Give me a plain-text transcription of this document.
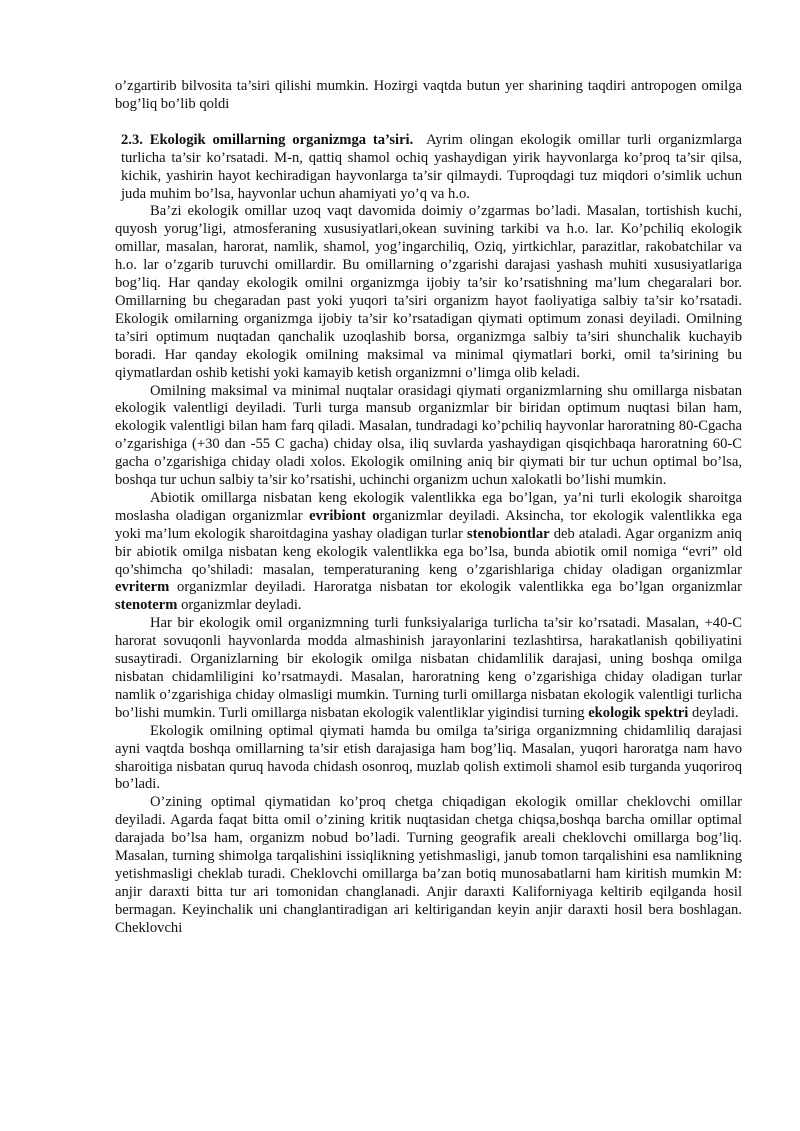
o’zgartirib bilvosita ta’siri qilishi mumkin. Hozirgi vaqtda butun yer sharining taqdiri antropogen omilga bog’liq bo’lib qoldi

2.3. Ekologik omillarning organizmga ta’siri. Ayrim olingan ekologik omillar turli organizmlarga turlicha ta’sir ko’rsatadi. M-n, qattiq shamol ochiq yashaydigan yirik hayvonlarga ko’proq ta’sir qilsa, kichik, yashirin hayot kechiradigan hayvonlarga ta’sir qilmaydi. Tuproqdagi tuz miqdori o’simlik uchun juda muhim bo’lsa, hayvonlar uchun ahamiyati yo’q va h.o.

Ba’zi ekologik omillar uzoq vaqt davomida doimiy o’zgarmas bo’ladi. Masalan, tortishish kuchi, quyosh yorug’ligi, atmosferaning xususiyatlari,okean suvining tarkibi va h.o. lar. Ko’pchiliq ekologik omillar, masalan, harorat, namlik, shamol, yog’ingarchiliq, Oziq, yirtkichlar, parazitlar, rakobatchilar va h.o. lar o’zgarib turuvchi omillardir. Bu omillarning o’zgarishi darajasi yashash muhiti xususiyatlariga bog’liq. Har qanday ekologik omilni organizmga ijobiy ta’sir ko’rsatishning ma’lum chegaralari bor. Omillarning bu chegaradan past yoki yuqori ta’siri organizm hayot faoliyatiga salbiy ta’sir ko’rsatadi. Ekologik omilarning organizmga ijobiy ta’sir ko’rsatadigan qiymati optimum zonasi deyiladi. Omilning ta’siri optimum nuqtadan qanchalik uzoqlashib borsa, organizmga salbiy ta’siri shunchalik kuchayib boradi. Har qanday ekologik omilning maksimal va minimal qiymatlari borki, omil ta’sirining bu qiymatlardan oshib ketishi yoki kamayib ketish organizmni o’limga olib keladi.

Omilning maksimal va minimal nuqtalar orasidagi qiymati organizmlarning shu omillarga nisbatan ekologik valentligi deyiladi. Turli turga mansub organizmlar bir biridan optimum nuqtasi bilan ham, ekologik valentligi bilan ham farq qiladi. Masalan, tundradagi ko’pchiliq hayvonlar haroratning 80-Cgacha o’zgarishiga (+30 dan -55 C gacha) chiday olsa, iliq suvlarda yashaydigan qisqichbaqa haroratning 60-C gacha o’zgarishiga chiday oladi xolos. Ekologik omilning aniq bir qiymati bir tur uchun optimal bo’lsa, boshqa tur uchun salbiy ta’sir ko’rsatishi, uchinchi organizm uchun xalokatli bo’lishi mumkin.

Abiotik omillarga nisbatan keng ekologik valentlikka ega bo’lgan, ya’ni turli ekologik sharoitga moslasha oladigan organizmlar evribiont organizmlar deyiladi. Aksincha, tor ekologik valentlikka ega yoki ma’lum ekologik sharoitdagina yashay oladigan turlar stenobiontlar deb ataladi. Agar organizm aniq bir abiotik omilga nisbatan keng ekologik valentlikka ega bo’lsa, bunda abiotik omil nomiga “evri” old qo’shimcha qo’shiladi: masalan, temperaturaning keng o’zgarishlariga chiday oladigan organizmlar evriterm organizmlar deyiladi. Haroratga nisbatan tor ekologik valentlikka ega bo’lgan organizmlar stenoterm organizmlar deyladi.

Har bir ekologik omil organizmning turli funksiyalariga turlicha ta’sir ko’rsatadi. Masalan, +40-C harorat sovuqonli hayvonlarda modda almashinish jarayonlarini tezlashtirsa, harakatlanish qobiliyatini susaytiradi. Organizlarning bir ekologik omilga nisbatan chidamlilik darajasi, uning boshqa omilga nisbatan chidamliligini ko’rsatmaydi. Masalan, haroratning keng o’zgarishiga chiday oladigan turlar namlik o’zgarishiga chiday olmasligi mumkin. Turning turli omillarga nisbatan ekologik valentligi turlicha bo’lishi mumkin. Turli omillarga nisbatan ekologik valentliklar yigindisi turning ekologik spektri deyladi.

Ekologik omilning optimal qiymati hamda bu omilga ta’siriga organizmning chidamliliq darajasi ayni vaqtda boshqa omillarning ta’sir etish darajasiga ham bog’liq. Masalan, yuqori haroratga nam havo sharoitiga nisbatan quruq havoda chidash osonroq, muzlab qolish extimoli shamol esib turganda yuqoriroq bo’ladi.

O’zining optimal qiymatidan ko’proq chetga chiqadigan ekologik omillar cheklovchi omillar deyiladi. Agarda faqat bitta omil o’zining kritik nuqtasidan chetga chiqsa,boshqa barcha omillar optimal darajada bo’lsa ham, organizm nobud bo’ladi. Turning geografik areali cheklovchi omillarga bog’liq. Masalan, turning shimolga tarqalishini issiqlikning yetishmasligi, janub tomon tarqalishini esa namlikning yetishmasligi cheklab turadi. Cheklovchi omillarga ba’zan botiq munosabatlarni ham kiritish mumkin M: anjir daraxti bitta tur ari tomonidan changlanadi. Anjir daraxti Kaliforniyaga keltirib eqilganda hosil bermagan. Keyinchalik uni changlantiradigan ari keltirigandan keyin anjir daraxti hosil bera boshlagan. Cheklovchi
